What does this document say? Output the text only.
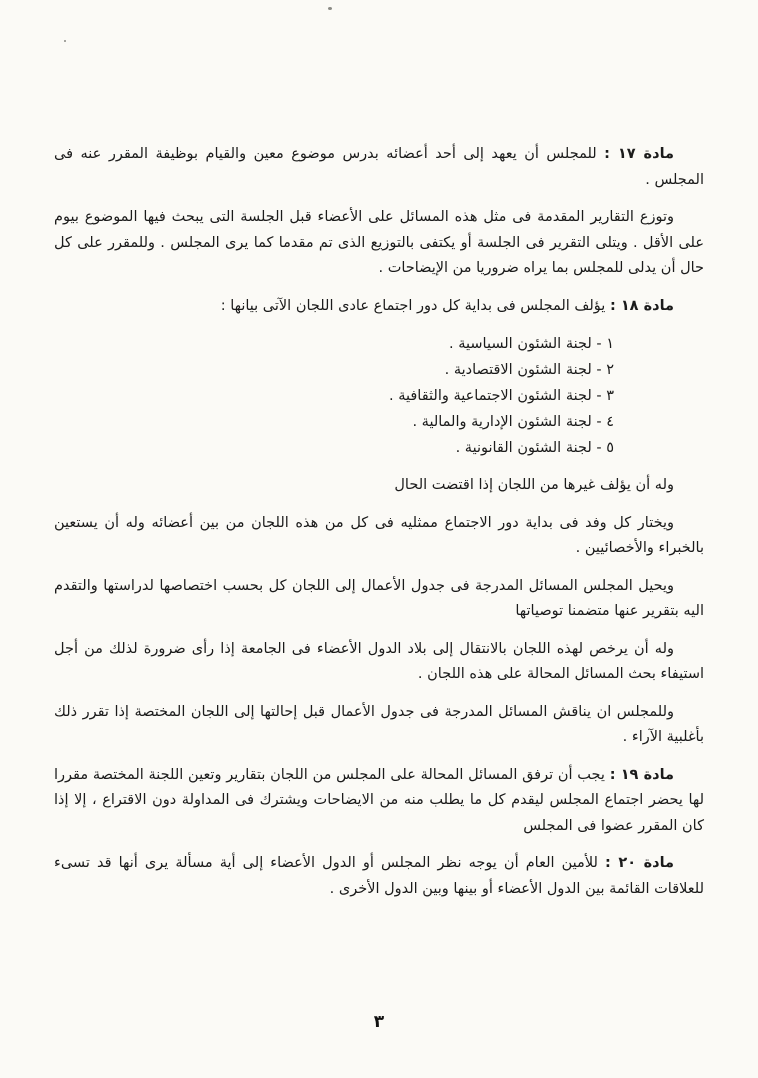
مادة ١٧ : للمجلس أن يعهد إلى أحد أعضائه بدرس موضوع معين والقيام بوظيفة المقرر عنه فى المجلس .

وتوزع التقارير المقدمة فى مثل هذه المسائل على الأعضاء قبل الجلسة التى يبحث فيها الموضوع بيوم على الأقل . ويتلى التقرير فى الجلسة أو يكتفى بالتوزيع الذى تم مقدما كما يرى المجلس . وللمقرر على كل حال أن يدلى للمجلس بما يراه ضروريا من الإيضاحات .

مادة ١٨ : يؤلف المجلس فى بداية كل دور اجتماع عادى اللجان الآتى بيانها :

١ - لجنة الشئون السياسية .
٢ - لجنة الشئون الاقتصادية .
٣ - لجنة الشئون الاجتماعية والثقافية .
٤ - لجنة الشئون الإدارية والمالية .
٥ - لجنة الشئون القانونية .

وله أن يؤلف غيرها من اللجان إذا اقتضت الحال

ويختار كل وفد فى بداية دور الاجتماع ممثليه فى كل من هذه اللجان من بين أعضائه وله أن يستعين بالخبراء والأخصائيين .

ويحيل المجلس المسائل المدرجة فى جدول الأعمال إلى اللجان كل بحسب اختصاصها لدراستها والتقدم اليه بتقرير عنها متضمنا توصياتها

وله أن يرخص لهذه اللجان بالانتقال إلى بلاد الدول الأعضاء فى الجامعة إذا رأى ضرورة لذلك من أجل استيفاء بحث المسائل المحالة على هذه اللجان .

وللمجلس ان يناقش المسائل المدرجة فى جدول الأعمال قبل إحالتها إلى اللجان المختصة إذا تقرر ذلك بأغلبية الآراء .

مادة ١٩ : يجب أن ترفق المسائل المحالة على المجلس من اللجان بتقارير وتعين اللجنة المختصة مقررا لها يحضر اجتماع المجلس ليقدم كل ما يطلب منه من الايضاحات ويشترك فى المداولة دون الاقتراع ، إلا إذا كان المقرر عضوا فى المجلس

مادة ٢٠ : للأمين العام أن يوجه نظر المجلس أو الدول الأعضاء إلى أية مسألة يرى أنها قد تسىء للعلاقات القائمة بين الدول الأعضاء أو بينها وبين الدول الأخرى .

٣
